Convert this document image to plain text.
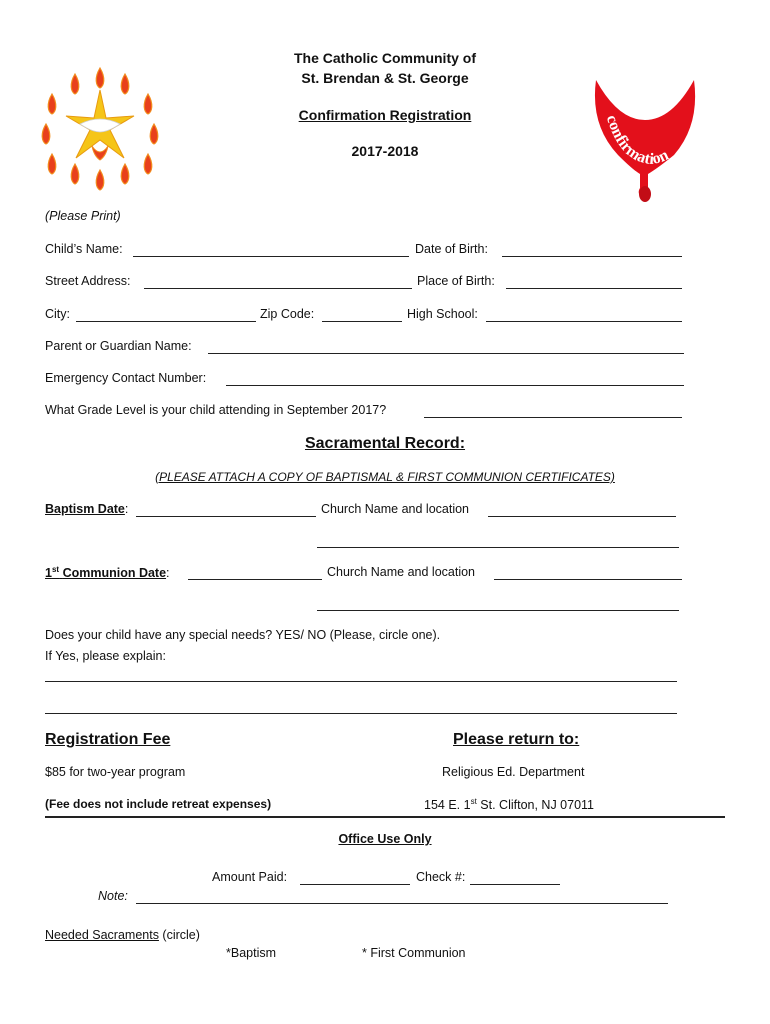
confirmation
The Catholic Community of
St. Brendan & St. George
Confirmation Registration
2017-2018
(Please Print)
Child’s Name:	Date of Birth:
Street Address:	Place of Birth:
City:	Zip Code:	High School:
Parent or Guardian Name:
Emergency Contact Number:
What Grade Level is your child attending in September 2017?
Sacramental Record:
(PLEASE ATTACH A COPY OF BAPTISMAL & FIRST COMMUNION CERTIFICATES)
Baptism Date:	Church Name and location
1st Communion Date:	Church Name and location
Does your child have any special needs? YES/ NO (Please, circle one).
If Yes, please explain:
Registration Fee	Please return to:
$85 for two-year program	Religious Ed. Department
(Fee does not include retreat expenses)	154 E. 1st St. Clifton, NJ 07011
Office Use Only
Amount Paid:	Check #:
Note:
Needed Sacraments (circle)
*Baptism	* First Communion
